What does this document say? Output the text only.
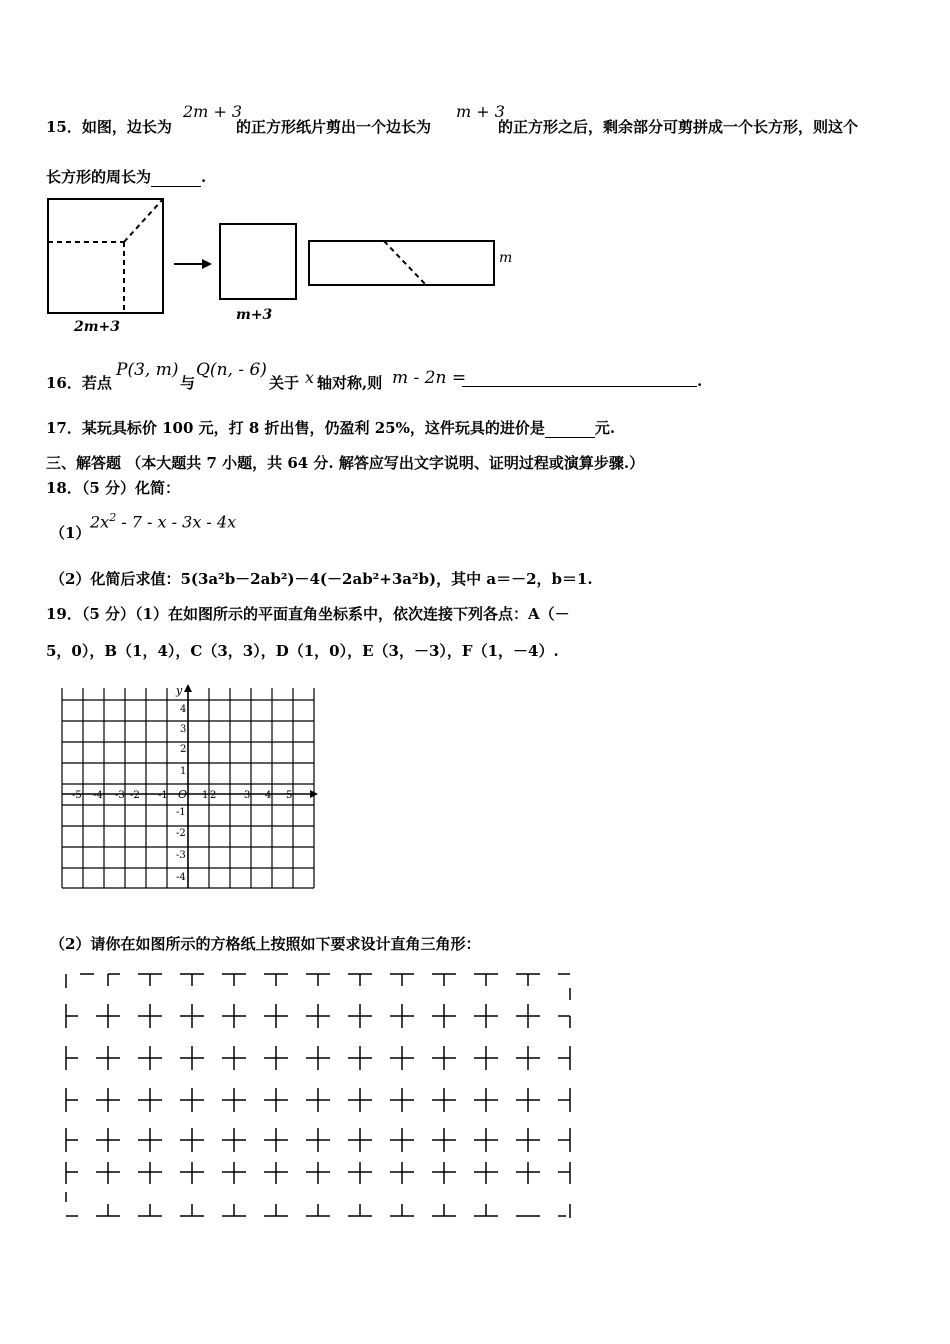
15．如图，边长为
2m + 3
的正方形纸片剪出一个边长为
m + 3
的正方形之后，剩余部分可剪拼成一个长方形，则这个
长方形的周长为	.
2m+3
m+3
m
16．若点
P(3, m)
与
Q(n, - 6)
关于 x 轴对称,则 m - 2n =	.
17．某玩具标价 100 元，打 8 折出售，仍盈利 25%，这件玩具的进价是	元.
三、解答题 （本大题共 7 小题，共 64 分. 解答应写出文字说明、证明过程或演算步骤.）
18．（5 分）化简：
（1）
$2x^2 - 7$ - x - 3x - 4x
（2）化简后求值：5(3a²b－2ab²)－4(－2ab²+3a²b)，其中 a＝－2，b＝1.
19．（5 分）（1）在如图所示的平面直角坐标系中，依次连接下列各点：A（－
5，0），B（1，4），C（3，3），D（1，0），E（3，－3），F（1，－4）.
y
O
-5 -4 -3 -2 -1	1 2	3 4 5
4
3
2
1
-1
-2
-3
-4
（2）请你在如图所示的方格纸上按照如下要求设计直角三角形：
